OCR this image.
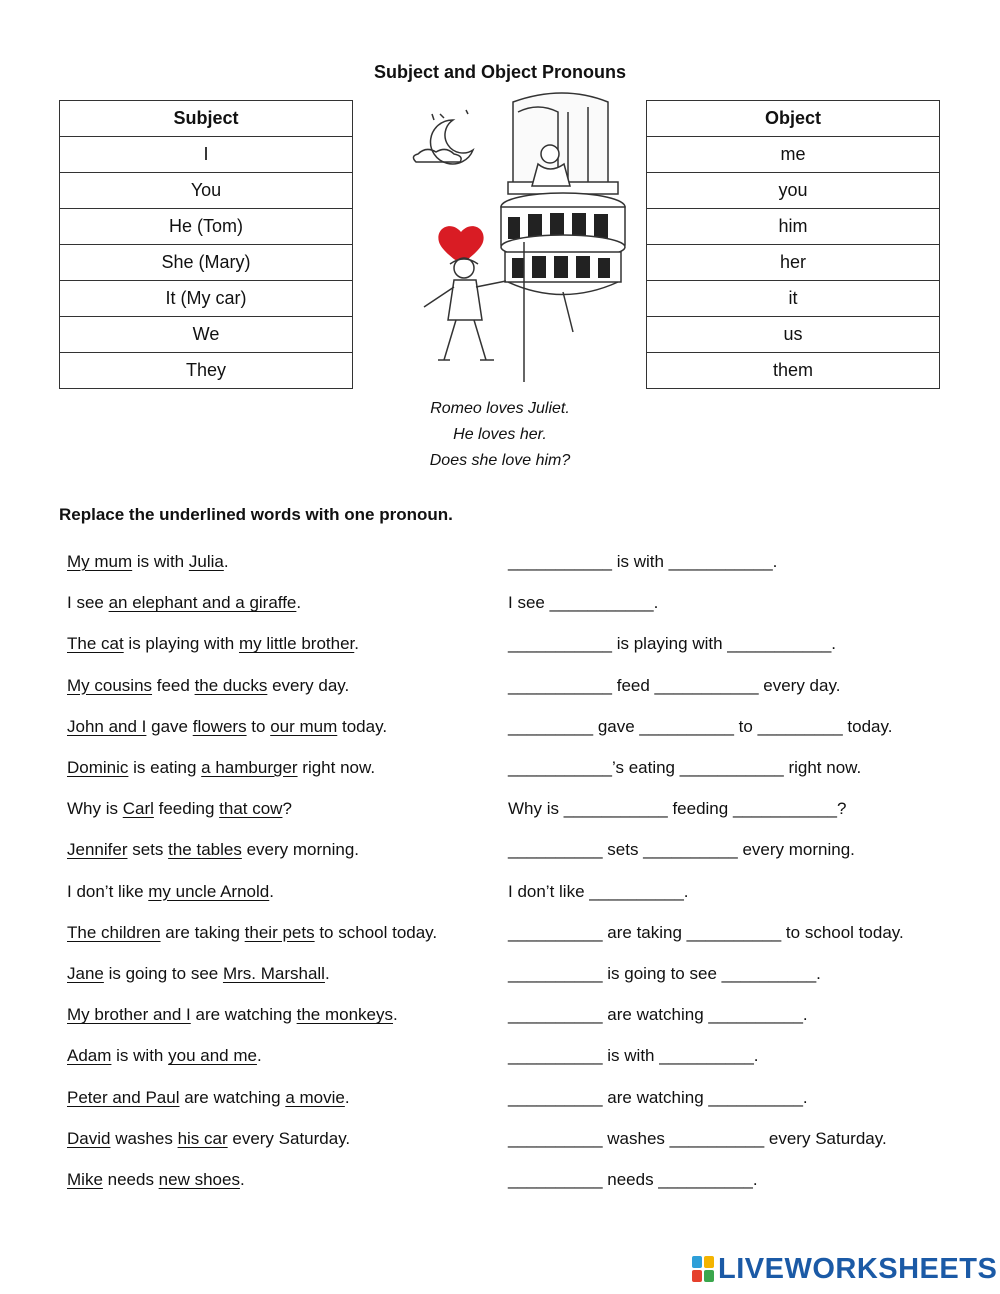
Subject and Object Pronouns
Subject
I
You
He (Tom)
She (Mary)
It (My car)
We
They
Object
me
you
him
her
it
us
them
Romeo loves Juliet.
He loves her.
Does she love him?
Replace the underlined words with one pronoun.
My mum is with Julia.	___________ is with ___________.
I see an elephant and a giraffe.	I see ___________.
The cat is playing with my little brother.	___________ is playing with ___________.
My cousins feed the ducks every day.	___________ feed ___________ every day.
John and I gave flowers to our mum today.	_________ gave __________ to _________ today.
Dominic is eating a hamburger right now.	___________’s eating ___________ right now.
Why is Carl feeding that cow?	Why is ___________ feeding ___________?
Jennifer sets the tables every morning.	__________ sets __________ every morning.
I don’t like my uncle Arnold.	I don’t like __________.
The children are taking their pets to school today.	__________ are taking __________ to school today.
Jane is going to see Mrs. Marshall.	__________ is going to see __________.
My brother and I are watching the monkeys.	__________ are watching __________.
Adam is with you and me.	__________ is with __________.
Peter and Paul are watching a movie.	__________ are watching __________.
David washes his car every Saturday.	__________ washes __________ every Saturday.
Mike needs new shoes.	__________ needs __________.
LIVEWORKSHEETS
